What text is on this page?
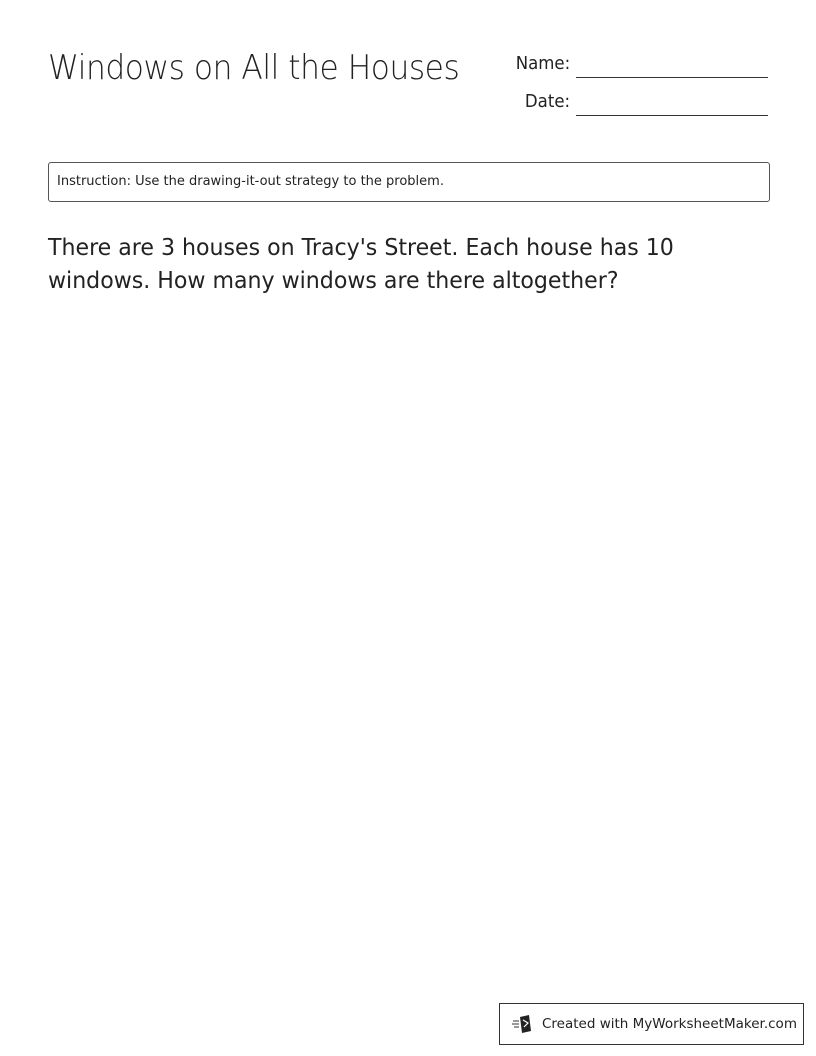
Windows on All the Houses	Name:
Date:
Instruction: Use the drawing-it-out strategy to the problem.
There are 3 houses on Tracy's Street. Each house has 10 windows. How many windows are there altogether?
Created with MyWorksheetMaker.com
